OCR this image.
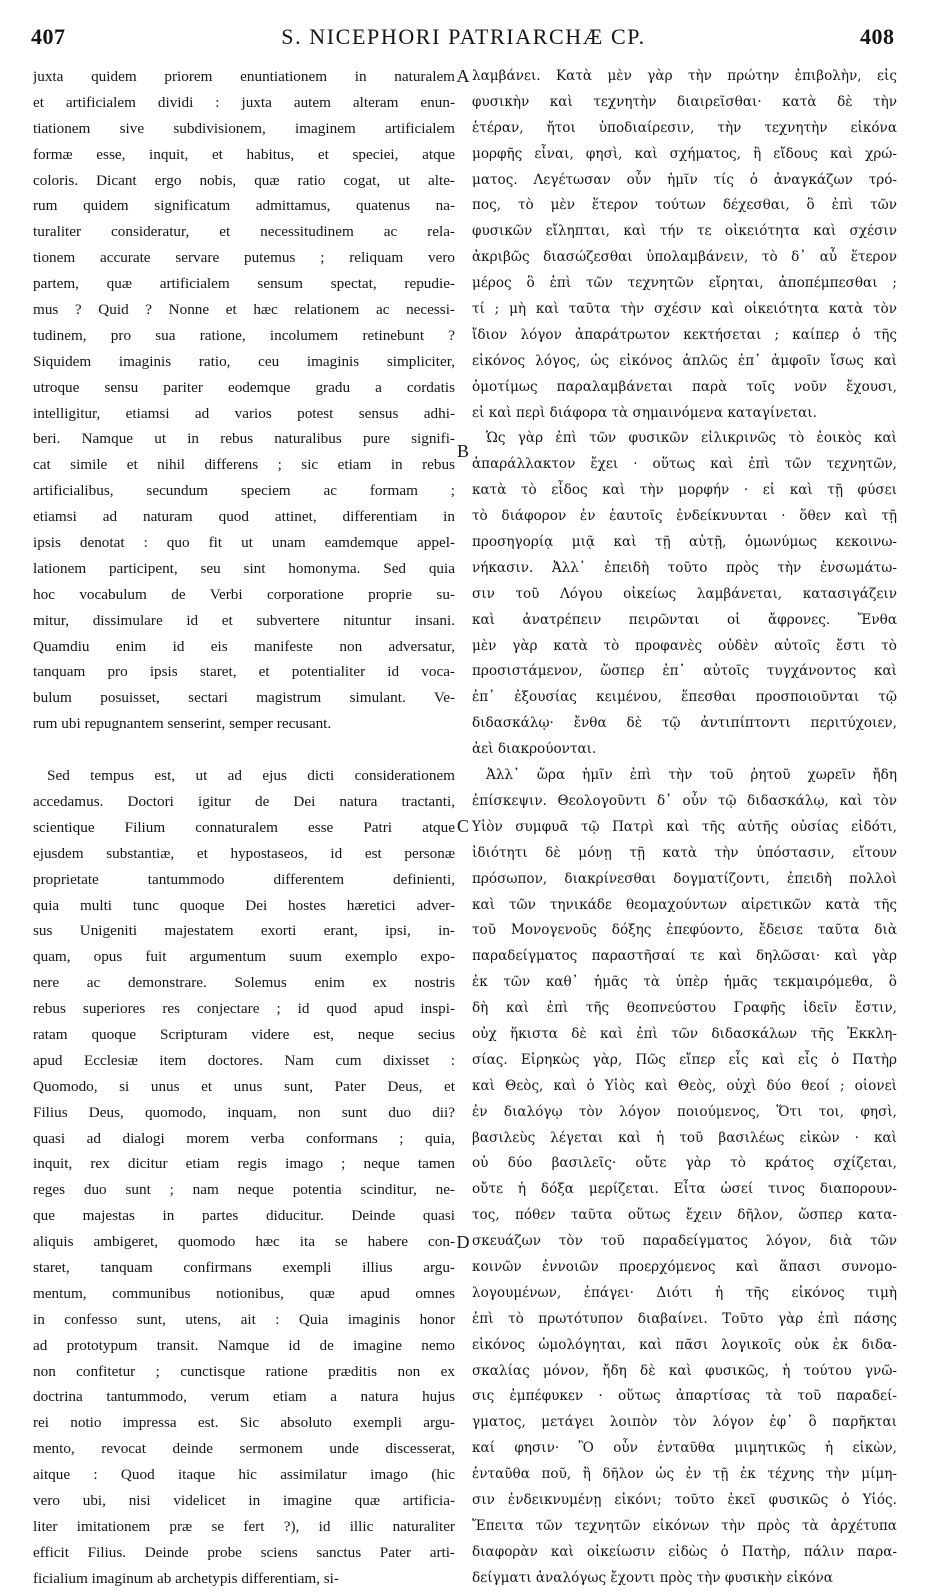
407	S. NICEPHORI PATRIARCHÆ CP.	408
juxta quidem priorem enuntiationem in naturalem
et artificialem dividi : juxta autem alteram enun-
tiationem sive subdivisionem, imaginem artificialem
formæ esse, inquit, et habitus, et speciei, atque
coloris. Dicant ergo nobis, quæ ratio cogat, ut alte-
rum quidem significatum admittamus, quatenus na-
turaliter consideratur, et necessitudinem ac rela-
tionem accurate servare putemus ; reliquam vero
partem, quæ artificialem sensum spectat, repudie-
mus ? Quid ? Nonne et hæc relationem ac necessi-
tudinem, pro sua ratione, incolumem retinebunt ?
Siquidem imaginis ratio, ceu imaginis simpliciter,
utroque sensu pariter eodemque gradu a cordatis
intelligitur, etiamsi ad varios potest sensus adhi-
beri. Namque ut in rebus naturalibus pure signifi-
cat simile et nihil differens ; sic etiam in rebus
artificialibus, secundum speciem ac formam ;
etiamsi ad naturam quod attinet, differentiam in
ipsis denotat : quo fit ut unam eamdemque appel-
lationem participent, seu sint homonyma. Sed quia
hoc vocabulum de Verbi corporatione proprie su-
mitur, dissimulare id et subvertere nituntur insani.
Quamdiu enim id eis manifeste non adversatur,
tanquam pro ipsis staret, et potentialiter id voca-
bulum posuisset, sectari magistrum simulant. Ve-
rum ubi repugnantem senserint, semper recusant.
Sed tempus est, ut ad ejus dicti considerationem
accedamus. Doctori igitur de Dei natura tractanti,
scientique Filium connaturalem esse Patri atque
ejusdem substantiæ, et hypostaseos, id est personæ
proprietate tantummodo differentem definienti,
quia multi tunc quoque Dei hostes hæretici adver-
sus Unigeniti majestatem exorti erant, ipsi, in-
quam, opus fuit argumentum suum exemplo expo-
nere ac demonstrare. Solemus enim ex nostris
rebus superiores res conjectare ; id quod apud inspi-
ratam quoque Scripturam videre est, neque secius
apud Ecclesiæ item doctores. Nam cum dixisset :
Quomodo, si unus et unus sunt, Pater Deus, et
Filius Deus, quomodo, inquam, non sunt duo dii?
quasi ad dialogi morem verba conformans ; quia,
inquit, rex dicitur etiam regis imago ; neque tamen
reges duo sunt ; nam neque potentia scinditur, ne-
que majestas in partes diducitur. Deinde quasi
aliquis ambigeret, quomodo hæc ita se habere con-
staret, tanquam confirmans exempli illius argu-
mentum, communibus notionibus, quæ apud omnes
in confesso sunt, utens, ait : Quia imaginis honor
ad prototypum transit. Namque id de imagine nemo
non confitetur ; cunctisque ratione præditis non ex
doctrina tantummodo, verum etiam a natura hujus
rei notio impressa est. Sic absoluto exempli argu-
mento, revocat deinde sermonem unde discesserat,
aitque : Quod itaque hic assimilatur imago (hic
vero ubi, nisi videlicet in imagine quæ artificia-
liter imitationem præ se fert ?), id illic naturaliter
efficit Filius. Deinde probe sciens sanctus Pater arti-
ficialium imaginum ab archetypis differentiam, si-
λαμβάνει. Κατὰ μὲν γὰρ τὴν πρώτην ἐπιβολὴν, εἰς
φυσικὴν καὶ τεχνητὴν διαιρεῖσθαι· κατὰ δὲ τὴν
ἑτέραν, ἤτοι ὑποδιαίρεσιν, τὴν τεχνητὴν εἰκόνα
μορφῆς εἶναι, φησὶ, καὶ σχήματος, ἢ εἴδους καὶ χρώ-
ματος. Λεγέτωσαν οὖν ἡμῖν τίς ὁ ἀναγκάζων τρό-
πος, τὸ μὲν ἕτερον τούτων δέχεσθαι, ὃ ἐπὶ τῶν
φυσικῶν εἴληπται, καὶ τήν τε οἰκειότητα καὶ σχέσιν
ἀκριβῶς διασώζεσθαι ὑπολαμβάνειν, τὸ δ᾽ αὖ ἕτερον
μέρος ὃ ἐπὶ τῶν τεχνητῶν εἴρηται, ἀποπέμπεσθαι ;
τί ; μὴ καὶ ταῦτα τὴν σχέσιν καὶ οἰκειότητα κατὰ τὸν
ἴδιον λόγον ἀπαράτρωτον κεκτήσεται ; καίπερ ὁ τῆς
εἰκόνος λόγος, ὡς εἰκόνος ἁπλῶς ἐπ᾽ ἀμφοῖν ἴσως καὶ
ὁμοτίμως παραλαμβάνεται παρὰ τοῖς νοῦν ἔχουσι,
εἰ καὶ περὶ διάφορα τὰ σημαινόμενα καταγίνεται.
Ὡς γὰρ ἐπὶ τῶν φυσικῶν εἰλικρινῶς τὸ ἐοικὸς καὶ
ἀπαράλλακτον ἔχει · οὕτως καὶ ἐπὶ τῶν τεχνητῶν,
κατὰ τὸ εἶδος καὶ τὴν μορφήν · εἰ καὶ τῇ φύσει
τὸ διάφορον ἐν ἑαυτοῖς ἐνδείκνυνται · ὅθεν καὶ τῇ
προσηγορίᾳ μιᾷ καὶ τῇ αὐτῇ, ὁμωνύμως κεκοινω-
νήκασιν. Ἀλλ᾽ ἐπειδὴ τοῦτο πρὸς τὴν ἐνσωμάτω-
σιν τοῦ Λόγου οἰκείως λαμβάνεται, κατασιγάζειν
καὶ ἀνατρέπειν πειρῶνται οἱ ἄφρονες. Ἔνθα
μὲν γὰρ κατὰ τὸ προφανὲς οὐδὲν αὐτοῖς ἔστι τὸ
προσιστάμενον, ὥσπερ ἐπ᾽ αὐτοῖς τυγχάνοντος καὶ
ἐπ᾽ ἐξουσίας κειμένου, ἕπεσθαι προσποιοῦνται τῷ
διδασκάλῳ· ἔνθα δὲ τῷ ἀντιπίπτοντι περιτύχοιεν,
ἀεὶ διακρούονται.
Ἀλλ᾽ ὥρα ἡμῖν ἐπὶ τὴν τοῦ ῥητοῦ χωρεῖν ἤδη
ἐπίσκεψιν. Θεολογοῦντι δ᾽ οὖν τῷ διδασκάλῳ, καὶ τὸν
Υἱὸν συμφυᾶ τῷ Πατρὶ καὶ τῆς αὐτῆς οὐσίας εἰδότι,
ἰδιότητι δὲ μόνῃ τῇ κατὰ τὴν ὑπόστασιν, εἴτουν
πρόσωπον, διακρίνεσθαι δογματίζοντι, ἐπειδὴ πολλοὶ
καὶ τῶν τηνικάδε θεομαχούντων αἱρετικῶν κατὰ τῆς
τοῦ Μονογενοῦς δόξης ἐπεφύοντο, ἔδεισε ταῦτα διὰ
παραδείγματος παραστῆσαί τε καὶ δηλῶσαι· καὶ γὰρ
ἐκ τῶν καθ᾽ ἡμᾶς τὰ ὑπὲρ ἡμᾶς τεκμαιρόμεθα, ὃ
δὴ καὶ ἐπὶ τῆς θεοπνεύστου Γραφῆς ἰδεῖν ἔστιν,
οὐχ ἥκιστα δὲ καὶ ἐπὶ τῶν διδασκάλων τῆς Ἐκκλη-
σίας. Εἰρηκὼς γὰρ, Πῶς εἴπερ εἷς καὶ εἷς ὁ Πατὴρ
καὶ Θεὸς, καὶ ὁ Υἱὸς καὶ Θεὸς, οὐχὶ δύο θεοί ; οἱονεὶ
ἐν διαλόγῳ τὸν λόγον ποιούμενος, Ὅτι τοι, φησὶ,
βασιλεὺς λέγεται καὶ ἡ τοῦ βασιλέως εἰκὼν · καὶ
οὐ δύο βασιλεῖς· οὔτε γὰρ τὸ κράτος σχίζεται,
οὔτε ἡ δόξα μερίζεται. Εἶτα ὡσεί τινος διαπορουν-
τος, πόθεν ταῦτα οὕτως ἔχειν δῆλον, ὥσπερ κατα-
σκευάζων τὸν τοῦ παραδείγματος λόγον, διὰ τῶν
κοινῶν ἐννοιῶν προερχόμενος καὶ ἅπασι συνομο-
λογουμένων, ἐπάγει· Διότι ἡ τῆς εἰκόνος τιμὴ
ἐπὶ τὸ πρωτότυπον διαβαίνει. Τοῦτο γὰρ ἐπὶ πάσης
εἰκόνος ὡμολόγηται, καὶ πᾶσι λογικοῖς οὐκ ἐκ διδα-
σκαλίας μόνον, ἤδη δὲ καὶ φυσικῶς, ἡ τούτου γνῶ-
σις ἐμπέφυκεν · οὕτως ἀπαρτίσας τὰ τοῦ παραδεί-
γματος, μετάγει λοιπὸν τὸν λόγον ἐφ᾽ ὃ παρῆκται
καί φησιν· Ὃ οὖν ἐνταῦθα μιμητικῶς ἡ εἰκὼν,
ἐνταῦθα ποῦ, ἢ δῆλον ὡς ἐν τῇ ἐκ τέχνης τὴν μίμη-
σιν ἐνδεικνυμένῃ εἰκόνι; τοῦτο ἐκεῖ φυσικῶς ὁ Υἱός.
Ἔπειτα τῶν τεχνητῶν εἰκόνων τὴν πρὸς τὰ ἀρχέτυπα
διαφορὰν καὶ οἰκείωσιν εἰδὼς ὁ Πατὴρ, πάλιν παρα-
δείγματι ἀναλόγως ἔχοντι πρὸς τὴν φυσικὴν εἰκόνα
A
B
C
D
